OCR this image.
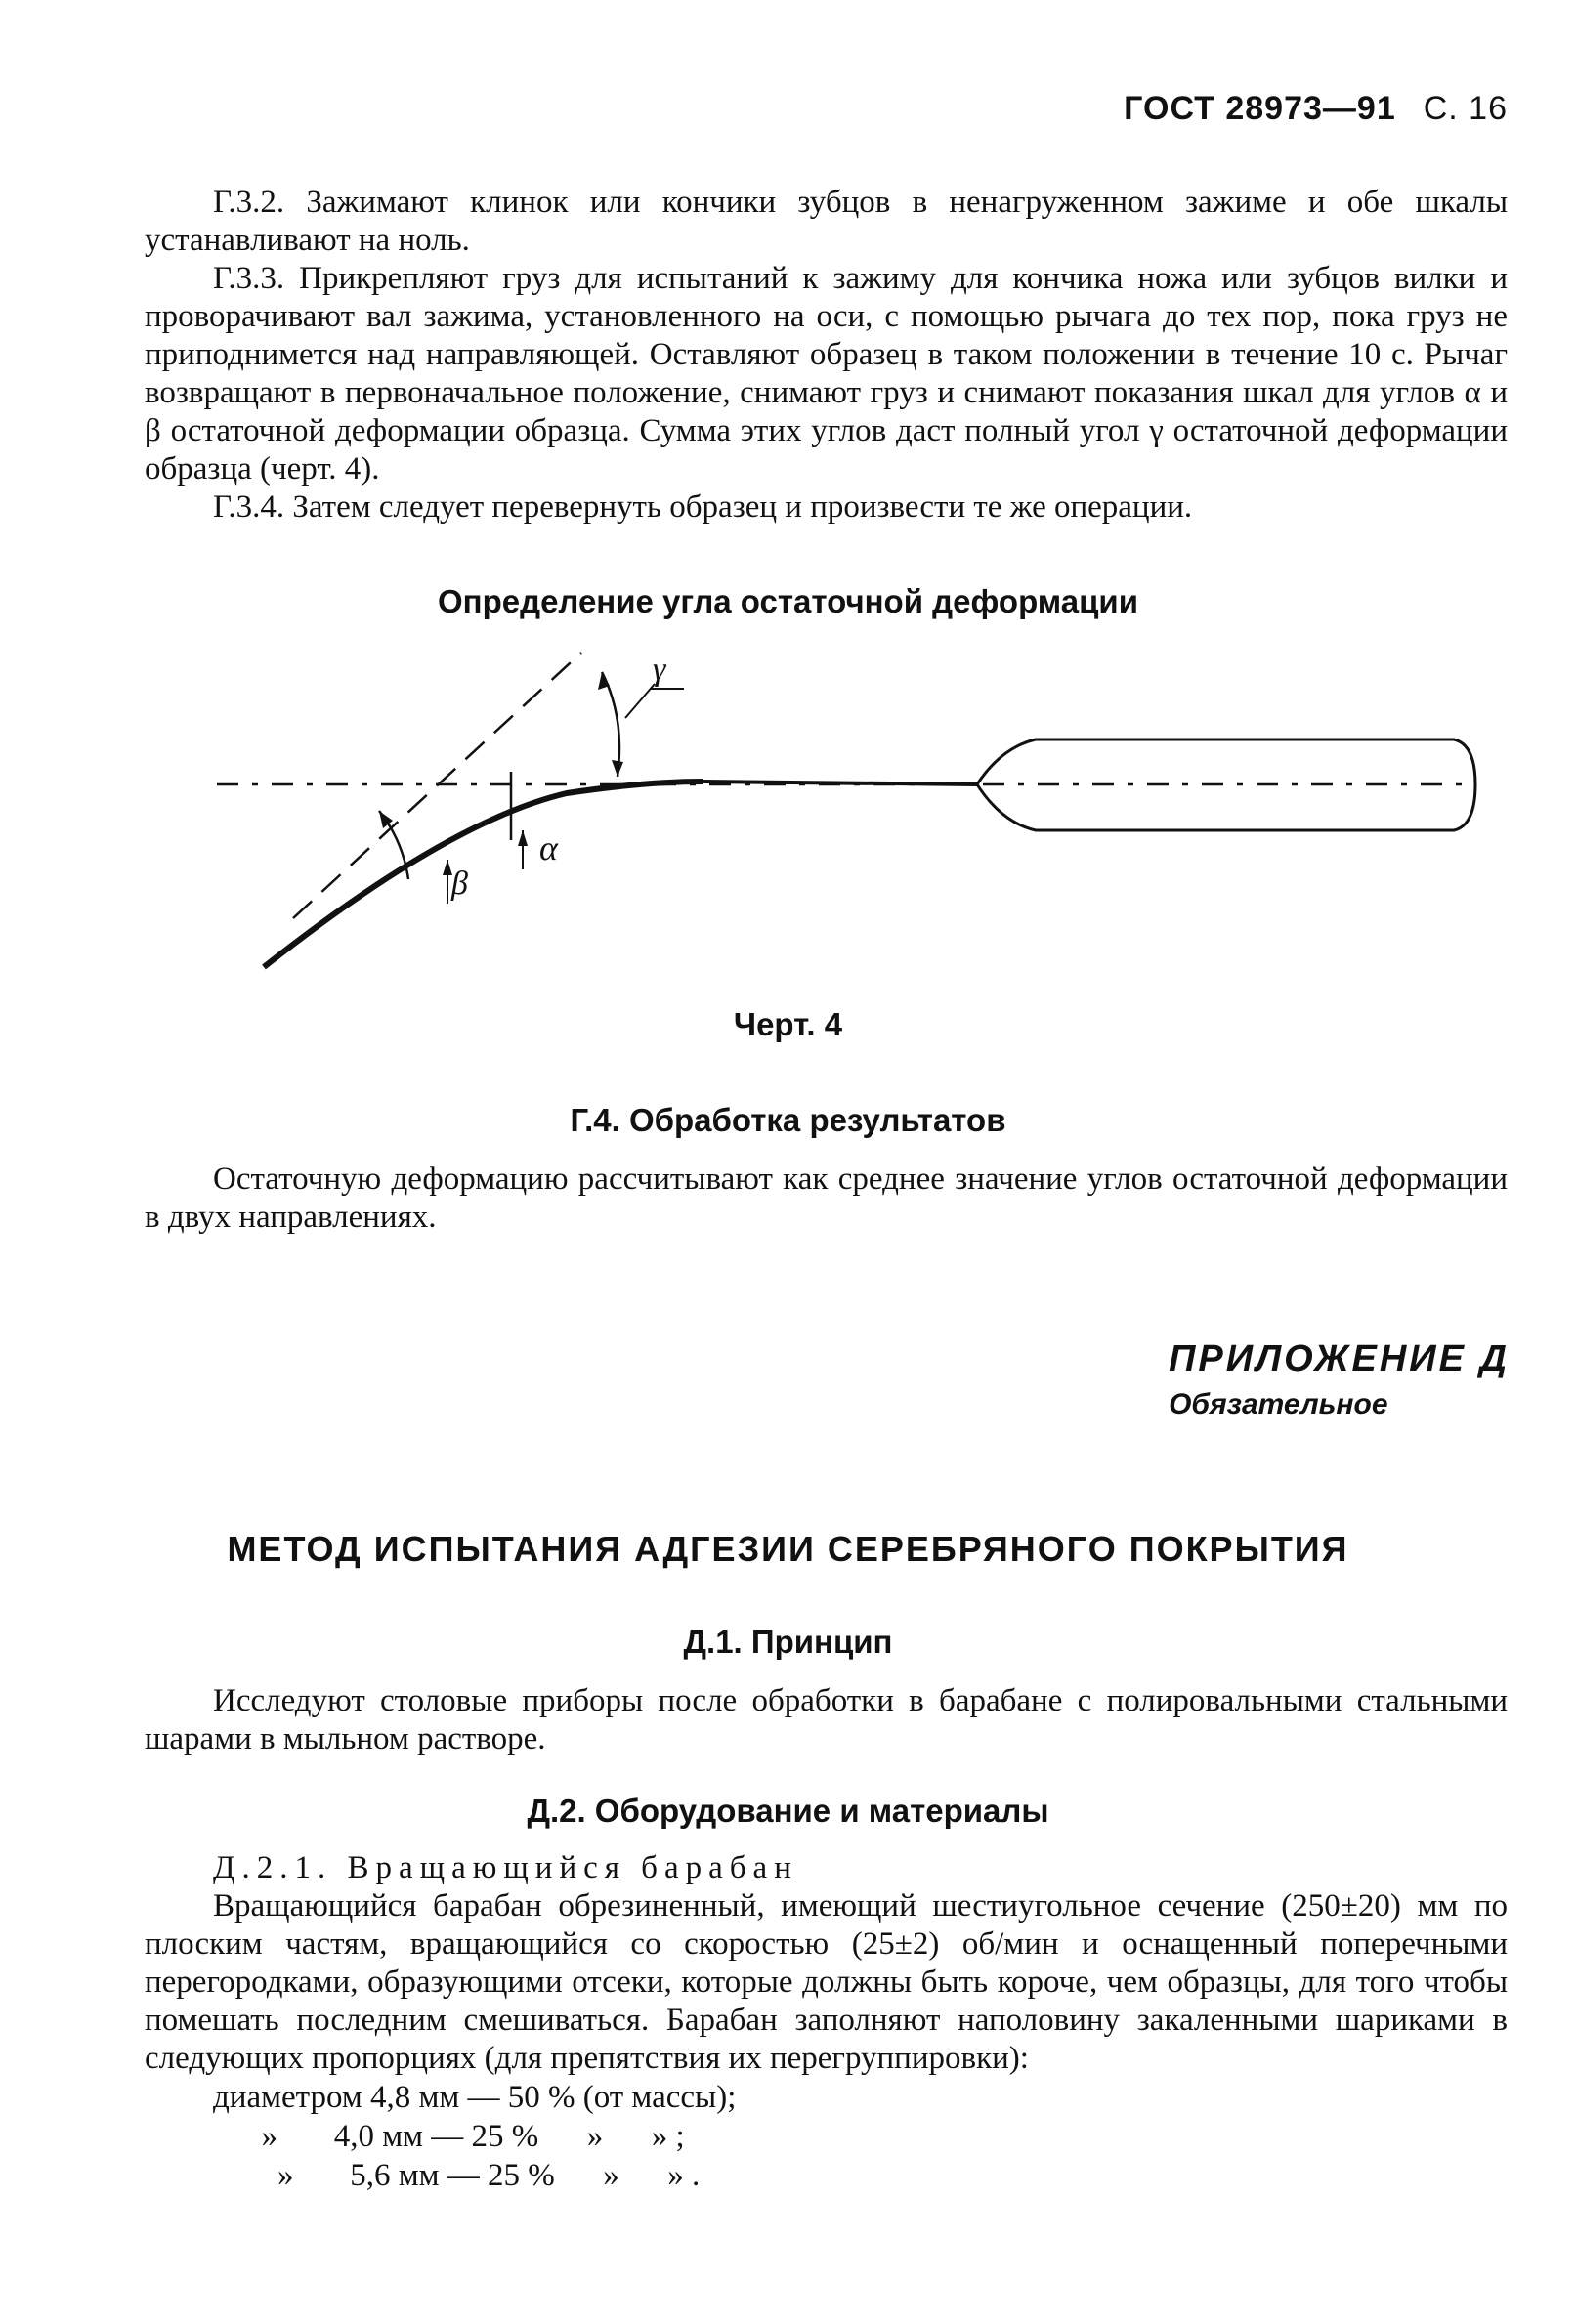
ГОСТ 28973—91 С. 16

Г.3.2. Зажимают клинок или кончики зубцов в ненагруженном зажиме и обе шкалы устанавливают на ноль.

Г.3.3. Прикрепляют груз для испытаний к зажиму для кончика ножа или зубцов вилки и проворачивают вал зажима, установленного на оси, с помощью рычага до тех пор, пока груз не приподнимется над направляющей. Оставляют образец в таком положении в течение 10 с. Рычаг возвращают в первоначальное положение, снимают груз и снимают показания шкал для углов α и β остаточной деформации образца. Сумма этих углов даст полный угол γ остаточной деформации образца (черт. 4).

Г.3.4. Затем следует перевернуть образец и произвести те же операции.

Определение угла остаточной деформации
γ
α
β
Черт. 4
Г.4. Обработка результатов

Остаточную деформацию рассчитывают как среднее значение углов остаточной деформации в двух направлениях.

ПРИЛОЖЕНИЕ Д
Обязательное
МЕТОД ИСПЫТАНИЯ АДГЕЗИИ СЕРЕБРЯНОГО ПОКРЫТИЯ
Д.1. Принцип

Исследуют столовые приборы после обработки в барабане с полировальными стальными шарами в мыльном растворе.

Д.2. Оборудование и материалы

Д.2.1. Вращающийся барабан

Вращающийся барабан обрезиненный, имеющий шестиугольное сечение (250±20) мм по плоским частям, вращающийся со скоростью (25±2) об/мин и оснащенный поперечными перегородками, образующими отсеки, которые должны быть короче, чем образцы, для того чтобы помешать последним смешиваться. Барабан заполняют наполовину закаленными шариками в следующих пропорциях (для препятствия их перегруппировки):

диаметром 4,8 мм — 50 % (от массы);

»       4,0 мм — 25 %      »      » ;

»       5,6 мм — 25 %      »      » .
